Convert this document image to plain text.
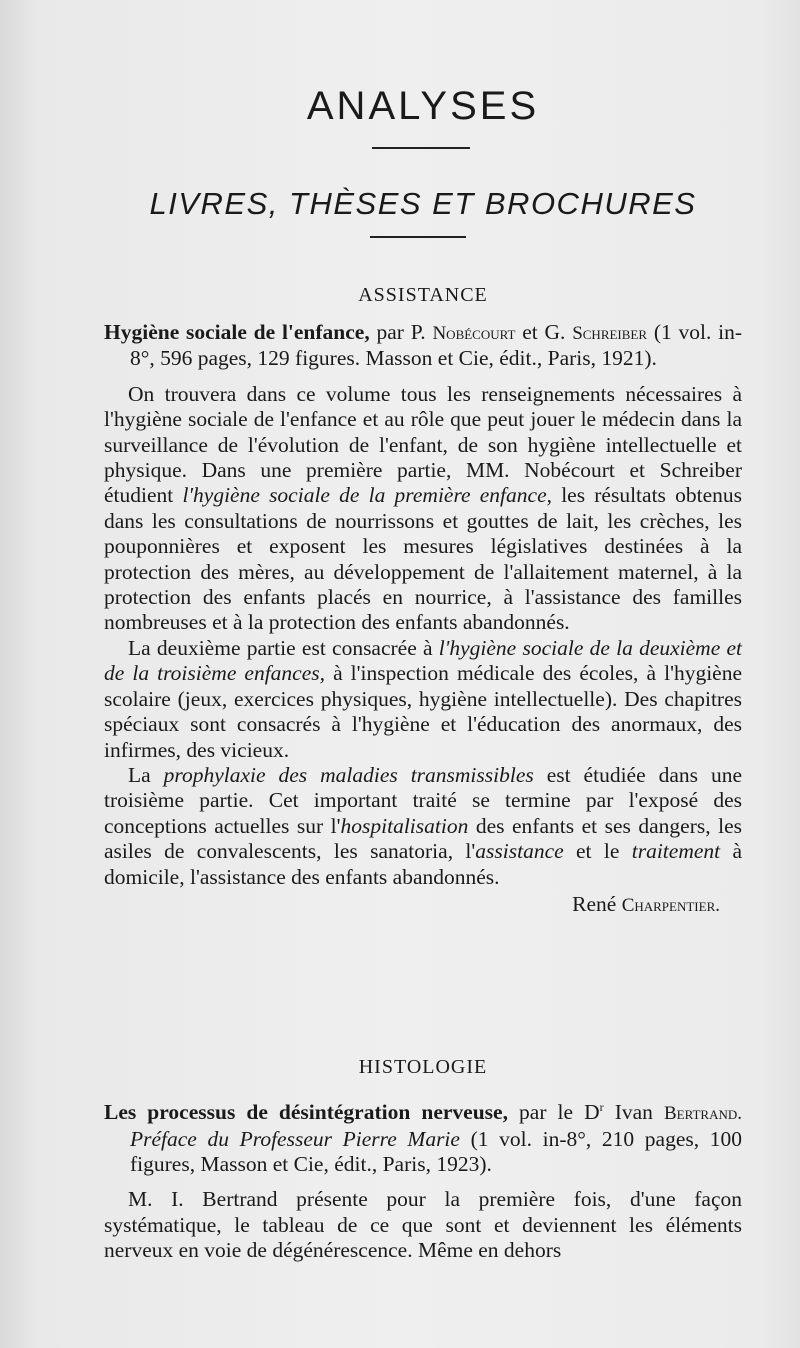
ANALYSES
LIVRES, THÈSES ET BROCHURES
ASSISTANCE

Hygiène sociale de l'enfance, par P. Nobécourt et G. Schreiber (1 vol. in-8°, 596 pages, 129 figures. Masson et Cie, édit., Paris, 1921).

On trouvera dans ce volume tous les renseignements nécessaires à l'hygiène sociale de l'enfance et au rôle que peut jouer le médecin dans la surveillance de l'évolution de l'enfant, de son hygiène intellectuelle et physique. Dans une première partie, MM. Nobécourt et Schreiber étudient l'hygiène sociale de la première enfance, les résultats obtenus dans les consultations de nourrissons et gouttes de lait, les crèches, les pouponnières et exposent les mesures législatives destinées à la protection des mères, au développement de l'allaitement maternel, à la protection des enfants placés en nourrice, à l'assistance des familles nombreuses et à la protection des enfants abandonnés.

La deuxième partie est consacrée à l'hygiène sociale de la deuxième et de la troisième enfances, à l'inspection médicale des écoles, à l'hygiène scolaire (jeux, exercices physiques, hygiène intellectuelle). Des chapitres spéciaux sont consacrés à l'hygiène et l'éducation des anormaux, des infirmes, des vicieux.

La prophylaxie des maladies transmissibles est étudiée dans une troisième partie. Cet important traité se termine par l'exposé des conceptions actuelles sur l'hospitalisation des enfants et ses dangers, les asiles de convalescents, les sanatoria, l'assistance et le traitement à domicile, l'assistance des enfants abandonnés.

René Charpentier.
HISTOLOGIE

Les processus de désintégration nerveuse, par le $D^r$ Ivan Bertrand. Préface du Professeur Pierre Marie (1 vol. in-8°, 210 pages, 100 figures, Masson et Cie, édit., Paris, 1923).

M. I. Bertrand présente pour la première fois, d'une façon systématique, le tableau de ce que sont et deviennent les éléments nerveux en voie de dégénérescence. Même en dehors
